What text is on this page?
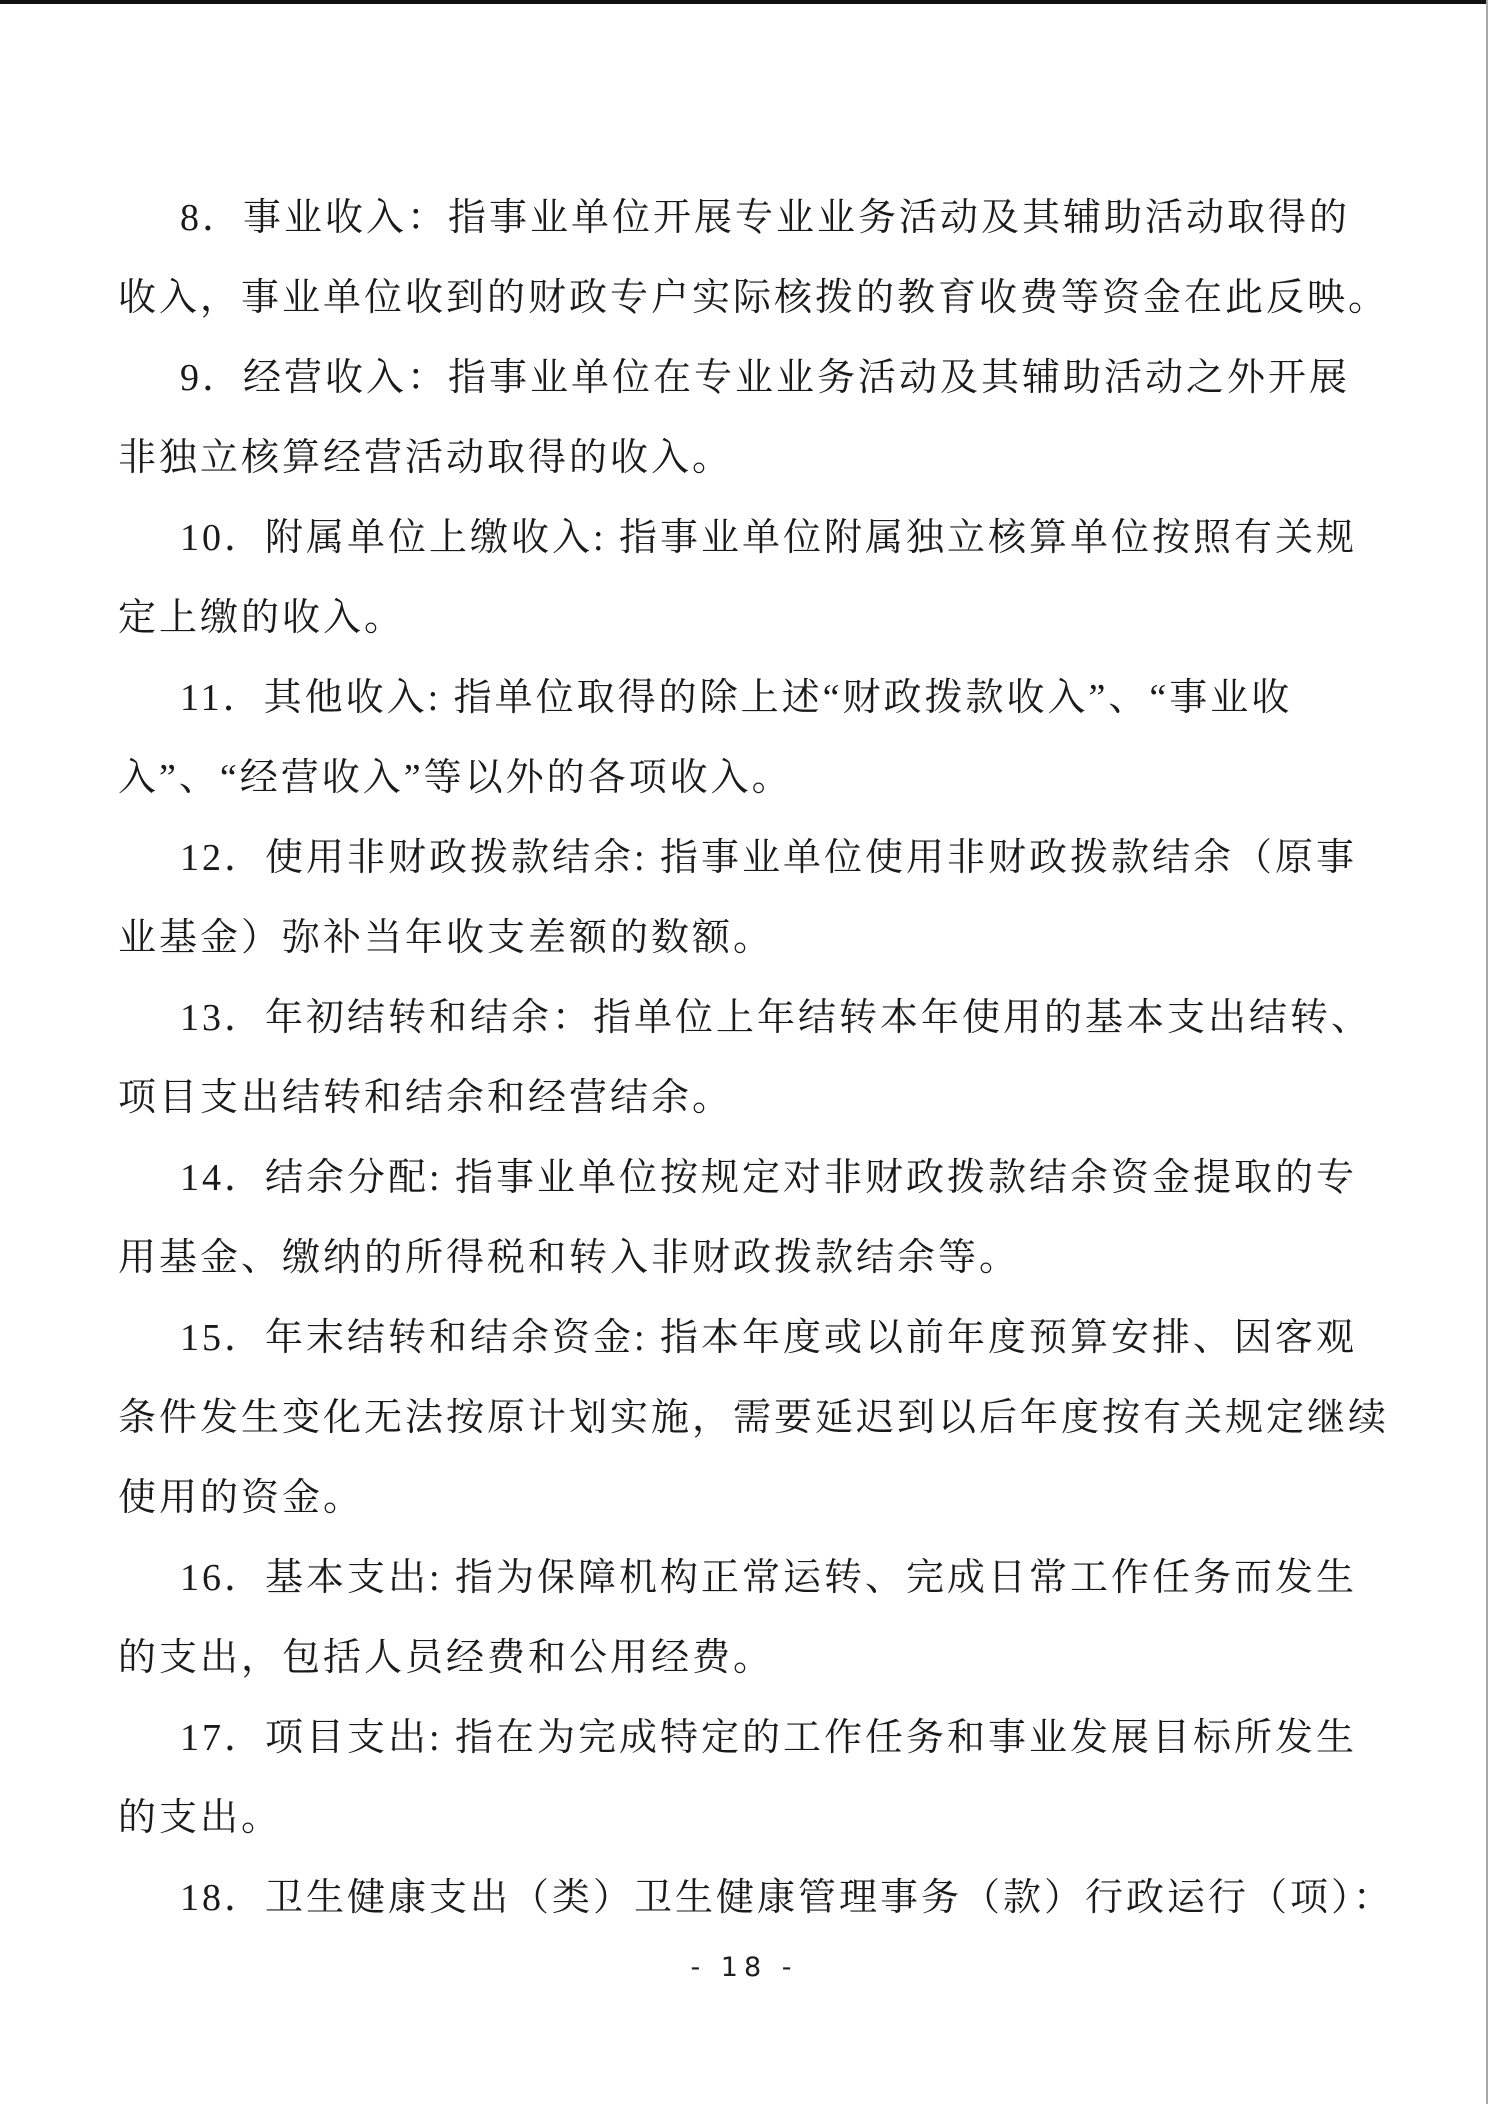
8．事业收入：指事业单位开展专业业务活动及其辅助活动取得的
收入，事业单位收到的财政专户实际核拨的教育收费等资金在此反映。
9．经营收入：指事业单位在专业业务活动及其辅助活动之外开展
非独立核算经营活动取得的收入。
10．附属单位上缴收入: 指事业单位附属独立核算单位按照有关规
定上缴的收入。
11．其他收入: 指单位取得的除上述“财政拨款收入”、“事业收
入”、“经营收入”等以外的各项收入。
12．使用非财政拨款结余: 指事业单位使用非财政拨款结余（原事
业基金）弥补当年收支差额的数额。
13．年初结转和结余：指单位上年结转本年使用的基本支出结转、
项目支出结转和结余和经营结余。
14．结余分配: 指事业单位按规定对非财政拨款结余资金提取的专
用基金、缴纳的所得税和转入非财政拨款结余等。
15．年末结转和结余资金: 指本年度或以前年度预算安排、因客观
条件发生变化无法按原计划实施，需要延迟到以后年度按有关规定继续
使用的资金。
16．基本支出: 指为保障机构正常运转、完成日常工作任务而发生
的支出，包括人员经费和公用经费。
17．项目支出: 指在为完成特定的工作任务和事业发展目标所发生
的支出。
18．卫生健康支出（类）卫生健康管理事务（款）行政运行（项）：
- 18 -
